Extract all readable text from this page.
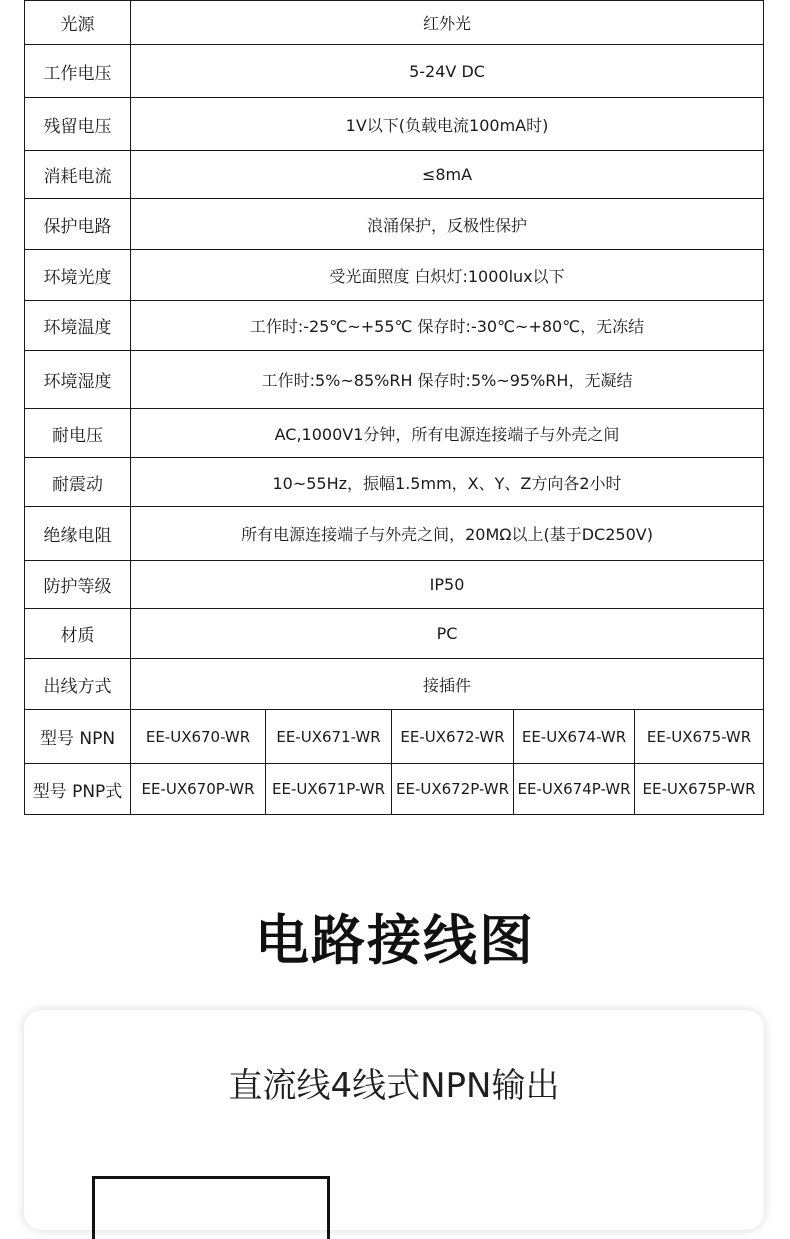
光源	红外光				
工作电压	5-24V DC				
残留电压	1V以下(负载电流100mA时)				
消耗电流	≤8mA				
保护电路	浪涌保护，反极性保护				
环境光度	受光面照度 白炽灯:1000lux以下				
环境温度	工作时:-25℃~+55℃ 保存时:-30℃~+80℃，无冻结				
环境湿度	工作时:5%~85%RH 保存时:5%~95%RH，无凝结				
耐电压	AC,1000V1分钟，所有电源连接端子与外壳之间				
耐震动	10~55Hz，振幅1.5mm，X、Y、Z方向各2小时				
绝缘电阻	所有电源连接端子与外壳之间，20MΩ以上(基于DC250V)				
防护等级	IP50				
材质	PC				
出线方式	接插件				
型号 NPN	EE-UX670-WR	EE-UX671-WR	EE-UX672-WR	EE-UX674-WR	EE-UX675-WR
型号 PNP式	EE-UX670P-WR	EE-UX671P-WR	EE-UX672P-WR	EE-UX674P-WR	EE-UX675P-WR
电路接线图
直流线4线式NPN输出
